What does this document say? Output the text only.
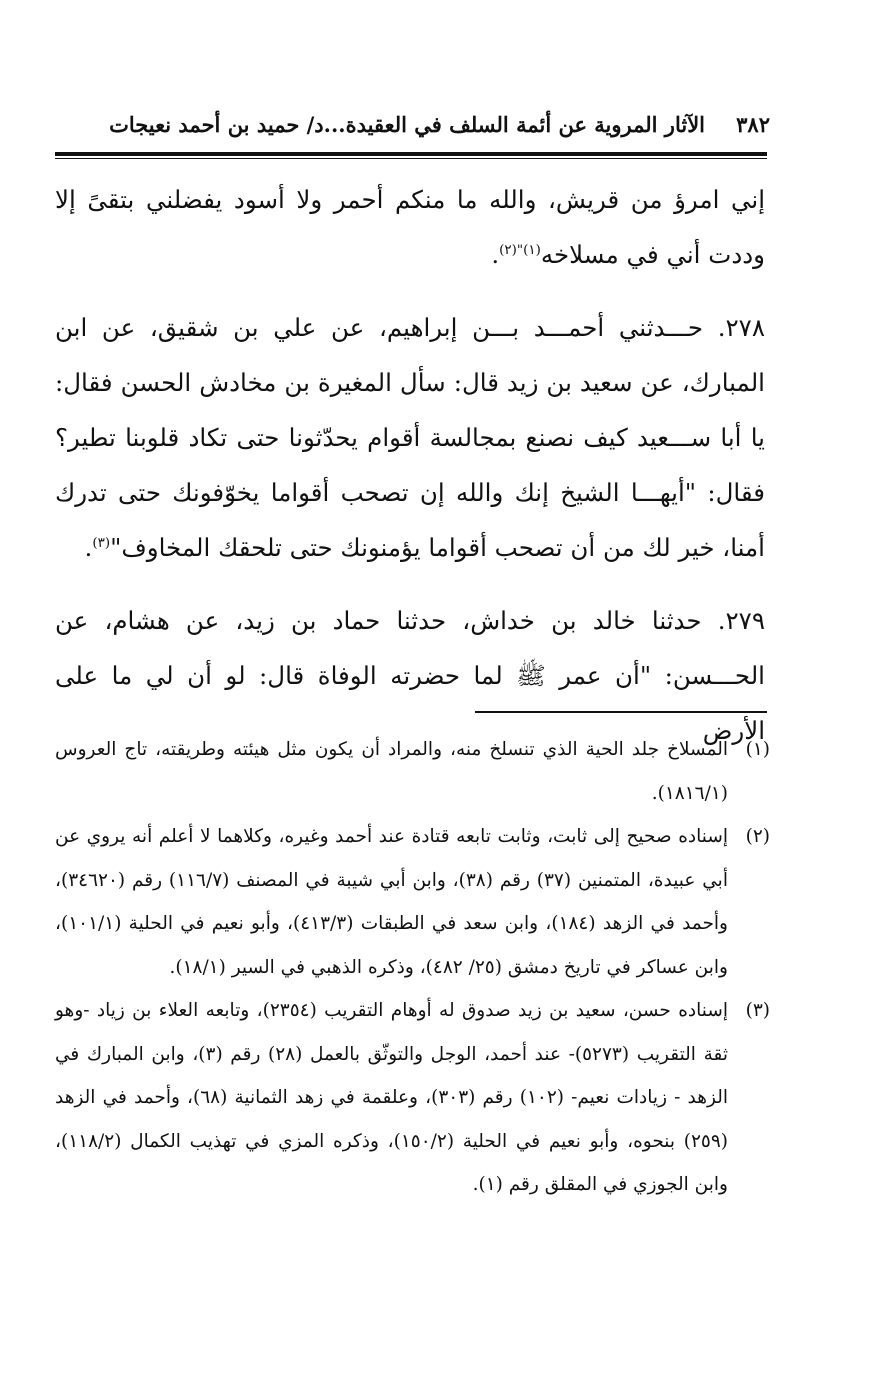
٣٨٢
الآثار المروية عن أئمة السلف في العقيدة...د/ حميد بن أحمد نعيجات

إني امرؤ من قريش، والله ما منكم أحمر ولا أسود يفضلني بتقىً إلا وددت أني في مسلاخه$^{(١)"(٢)}$.

٢٧٨. حـــدثني أحمـــد بـــن إبراهيم، عن علي بن شقيق، عن ابن المبارك، عن سعيد بن زيد قال: سأل المغيرة بن مخادش الحسن فقال: يا أبا ســـعيد كيف نصنع بمجالسة أقوام يحدّثونا حتى تكاد قلوبنا تطير؟ فقال: "أيهـــا الشيخ إنك والله إن تصحب أقواما يخوّفونك حتى تدرك أمنا، خير لك من أن تصحب أقواما يؤمنونك حتى تلحقك المخاوف"$^{(٣)}$.

٢٧٩. حدثنا خالد بن خداش، حدثنا حماد بن زيد، عن هشام، عن الحـــسن: "أن عمر ﷺ لما حضرته الوفاة قال: لو أن لي ما على الأرض

(١)
المسلاخ جلد الحية الذي تنسلخ منه، والمراد أن يكون مثل هيئته وطريقته، تاج العروس (١٨١٦/١).
(٢)
إسناده صحيح إلى ثابت، وثابت تابعه قتادة عند أحمد وغيره، وكلاهما لا أعلم أنه يروي عن أبي عبيدة، المتمنين (٣٧) رقم (٣٨)، وابن أبي شيبة في المصنف (١١٦/٧) رقم (٣٤٦٢٠)، وأحمد في الزهد (١٨٤)، وابن سعد في الطبقات (٤١٣/٣)، وأبو نعيم في الحلية (١٠١/١)، وابن عساكر في تاريخ دمشق (٢٥/ ٤٨٢)، وذكره الذهبي في السير (١٨/١).
(٣)
إسناده حسن، سعيد بن زيد صدوق له أوهام التقريب (٢٣٥٤)، وتابعه العلاء بن زياد -وهو ثقة التقريب (٥٢٧٣)- عند أحمد، الوجل والتوثّق بالعمل (٢٨) رقم (٣)، وابن المبارك في الزهد - زيادات نعيم- (١٠٢) رقم (٣٠٣)، وعلقمة في زهد الثمانية (٦٨)، وأحمد في الزهد (٢٥٩) بنحوه، وأبو نعيم في الحلية (١٥٠/٢)، وذكره المزي في تهذيب الكمال (١١٨/٢)، وابن الجوزي في المقلق رقم (١).
